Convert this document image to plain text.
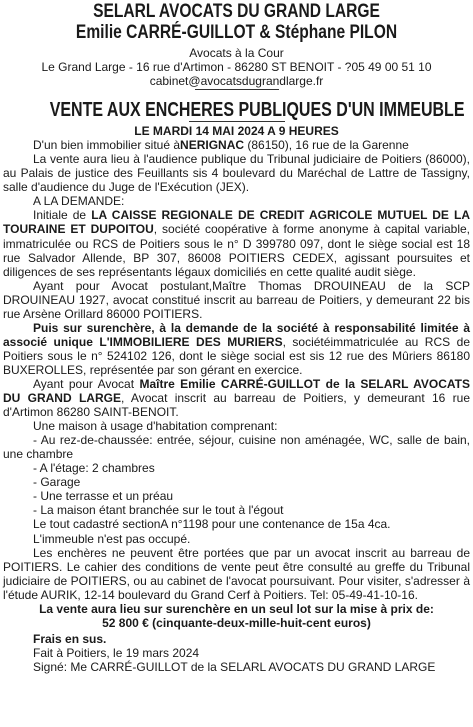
SELARL AVOCATS DU GRAND LARGE
Emilie CARRÉ-GUILLOT & Stéphane PILON
Avocats à la Cour
Le Grand Large - 16 rue d'Artimon - 86280 ST BENOIT - ?05 49 00 51 10
cabinet@avocatsdugrandlarge.fr
VENTE AUX ENCHERES PUBLIQUES D'UN IMMEUBLE
LE MARDI 14 MAI 2024 A 9 HEURES

D'un bien immobilier situé àNERIGNAC (86150), 16 rue de la Garenne

La vente aura lieu à l'audience publique du Tribunal judiciaire de Poitiers (86000), au Palais de justice des Feuillants sis 4 boulevard du Maréchal de Lattre de Tassigny, salle d'audience du Juge de l'Exécution (JEX).

A LA DEMANDE:

Initiale de LA CAISSE REGIONALE DE CREDIT AGRICOLE MUTUEL DE LA TOURAINE ET DUPOITOU, société coopérative à forme anonyme à capital variable, immatriculée ou RCS de Poitiers sous le n° D 399780 097, dont le siège social est 18 rue Salvador Allende, BP 307, 86008 POITIERS CEDEX, agissant poursuites et diligences de ses représentants légaux domiciliés en cette qualité audit siège.

Ayant pour Avocat postulant,Maître Thomas DROUINEAU de la SCP DROUINEAU 1927, avocat constitué inscrit au barreau de Poitiers, y demeurant 22 bis rue Arsène Orillard 86000 POITIERS.

Puis sur surenchère, à la demande de la société à responsabilité limitée à associé unique L'IMMOBILIERE DES MURIERS, sociétéimmatriculée au RCS de Poitiers sous le n° 524102 126, dont le siège social est sis 12 rue des Mûriers 86180 BUXEROLLES, représentée par son gérant en exercice.

Ayant pour Avocat Maître Emilie CARRÉ-GUILLOT de la SELARL AVOCATS DU GRAND LARGE, Avocat inscrit au barreau de Poitiers, y demeurant 16 rue d'Artimon 86280 SAINT-BENOIT.

Une maison à usage d'habitation comprenant:

- Au rez-de-chaussée: entrée, séjour, cuisine non aménagée, WC, salle de bain, une chambre

- A l'étage: 2 chambres

- Garage

- Une terrasse et un préau

- La maison étant branchée sur le tout à l'égout

Le tout cadastré sectionA n°1198 pour une contenance de 15a 4ca.

L'immeuble n'est pas occupé.

Les enchères ne peuvent être portées que par un avocat inscrit au barreau de POITIERS. Le cahier des conditions de vente peut être consulté au greffe du Tribunal judiciaire de POITIERS, ou au cabinet de l'avocat poursuivant. Pour visiter, s'adresser à l'étude AURIK, 12-14 boulevard du Grand Cerf à Poitiers. Tel: 05-49-41-10-16.

La vente aura lieu sur surenchère en un seul lot sur la mise à prix de:
52 800 € (cinquante-deux-mille-huit-cent euros)

Frais en sus.

Fait à Poitiers, le 19 mars 2024

Signé: Me CARRÉ-GUILLOT de la SELARL AVOCATS DU GRAND LARGE
